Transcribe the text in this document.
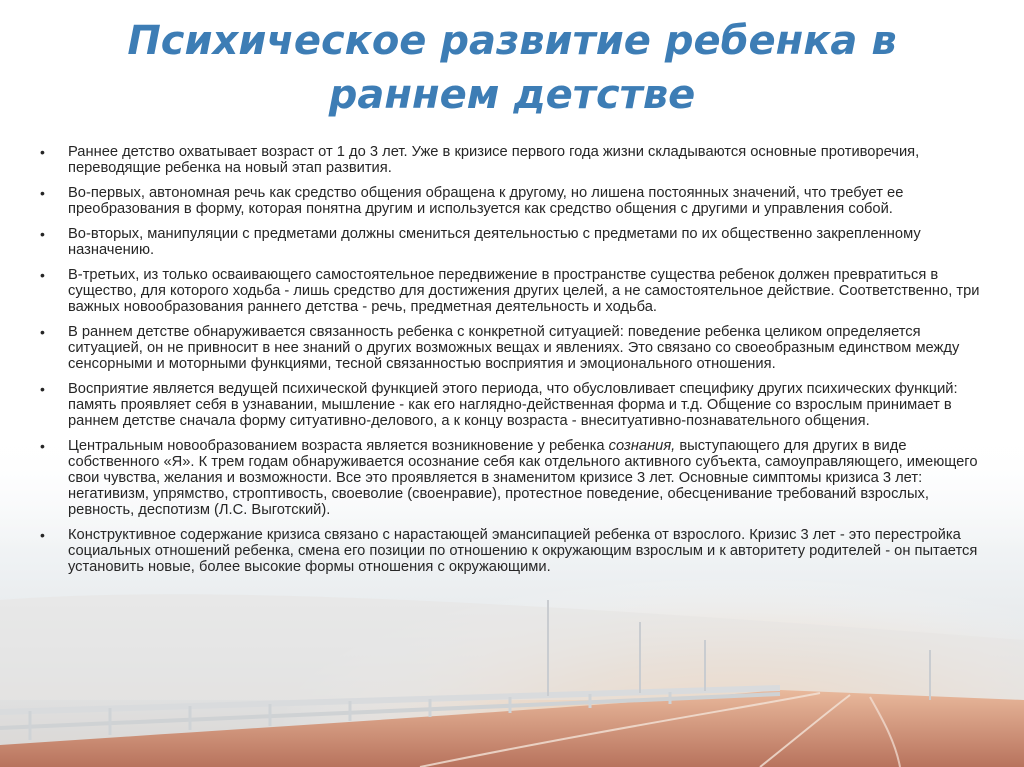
Психическое развитие ребенка в раннем детстве
• Раннее детство охватывает возраст от 1 до 3 лет. Уже в кризисе первого года жизни складываются основные противоречия, переводящие ребенка на новый этап развития.
• Во-первых, автономная речь как средство общения обращена к другому, но лишена постоянных значений, что требует ее преобразования в форму, которая понятна другим и используется как средство общения с другими и управления собой.
• Во-вторых, манипуляции с предметами должны смениться деятельностью с предметами по их общественно закрепленному назначению.
• В-третьих, из только осваивающего самостоятельное передвижение в пространстве существа ребенок должен превратиться в существо, для которого ходьба - лишь средство для достижения других целей, а не самостоятельное действие. Соответственно, три важных новообразования раннего детства - речь, предметная деятельность и ходьба.
• В раннем детстве обнаруживается связанность ребенка с конкретной ситуацией: поведение ребенка целиком определяется ситуацией, он не привносит в нее знаний о других возможных вещах и явлениях. Это связано со своеобразным единством между сенсорными и моторными функциями, тесной связанностью восприятия и эмоционального отношения.
• Восприятие является ведущей психической функцией этого периода, что обусловливает специфику других психических функций: память проявляет себя в узнавании, мышление - как его наглядно-действенная форма и т.д. Общение со взрослым принимает в раннем детстве сначала форму ситуативно-делового, а к концу возраста - внеситуативно-познавательного общения.
• Центральным новообразованием возраста является возникновение у ребенка сознания, выступающего для других в виде собственного «Я». К трем годам обнаруживается осознание себя как отдельного активного субъекта, самоуправляющего, имеющего свои чувства, желания и возможности. Все это проявляется в знаменитом кризисе 3 лет. Основные симптомы кризиса 3 лет: негативизм, упрямство, строптивость, своеволие (своенравие), протестное поведение, обесценивание требований взрослых, ревность, деспотизм (Л.С. Выготский).
• Конструктивное содержание кризиса связано с нарастающей эмансипацией ребенка от взрослого. Кризис 3 лет - это перестройка социальных отношений ребенка, смена его позиции по отношению к окружающим взрослым и к авторитету родителей - он пытается установить новые, более высокие формы отношения с окружающими.
